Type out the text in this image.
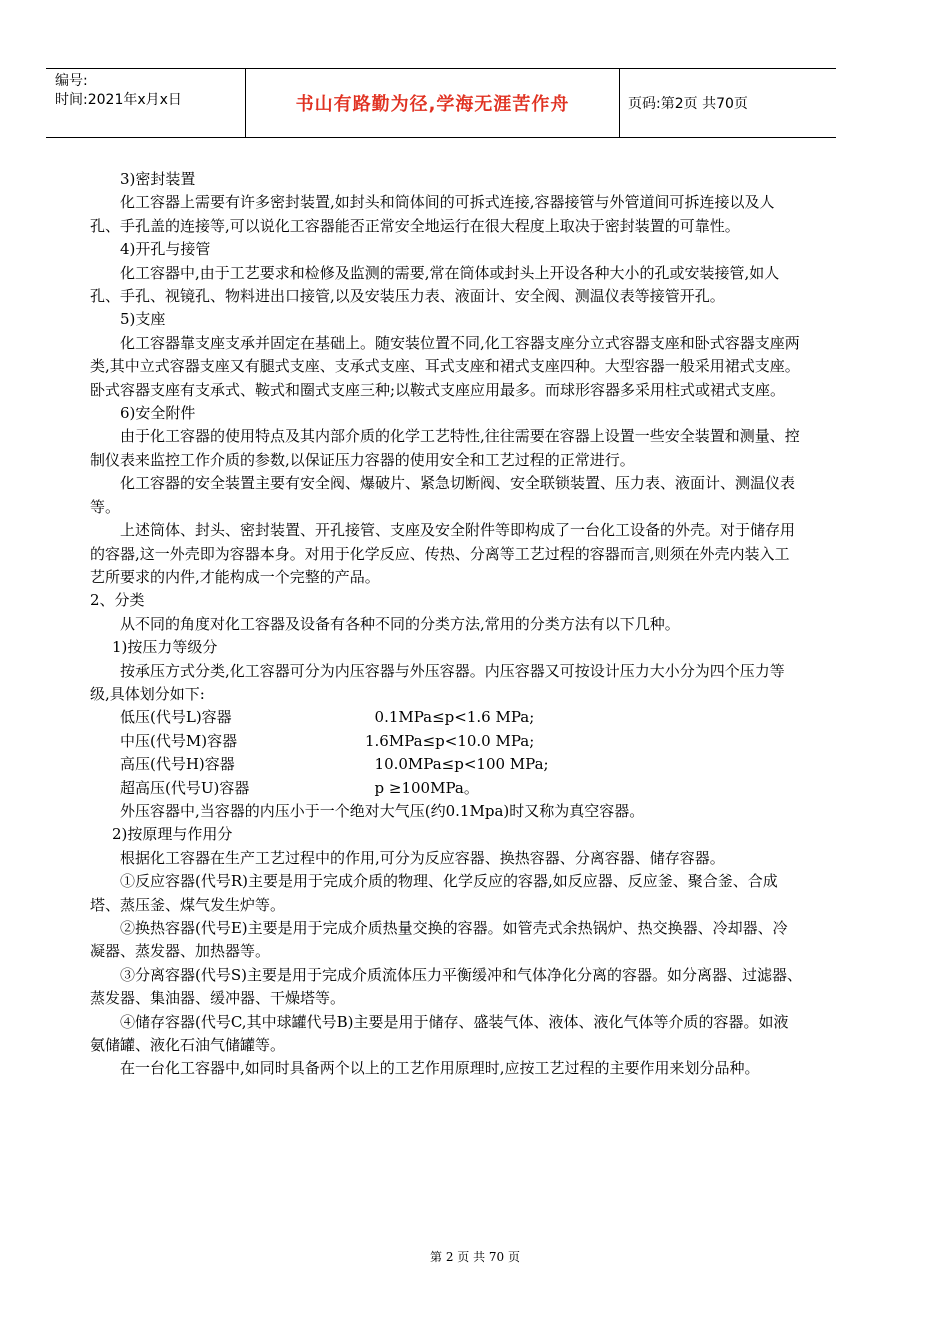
编号:
时间:2021年x月x日	书山有路勤为径,学海无涯苦作舟	页码:第2页 共70页

3)密封装置

化工容器上需要有许多密封装置,如封头和筒体间的可拆式连接,容器接管与外管道间可拆连接以及人孔、手孔盖的连接等,可以说化工容器能否正常安全地运行在很大程度上取决于密封装置的可靠性。

4)开孔与接管

化工容器中,由于工艺要求和检修及监测的需要,常在筒体或封头上开设各种大小的孔或安装接管,如人孔、手孔、视镜孔、物料进出口接管,以及安装压力表、液面计、安全阀、测温仪表等接管开孔。

5)支座

化工容器靠支座支承并固定在基础上。随安装位置不同,化工容器支座分立式容器支座和卧式容器支座两类,其中立式容器支座又有腿式支座、支承式支座、耳式支座和裙式支座四种。大型容器一般采用裙式支座。卧式容器支座有支承式、鞍式和圈式支座三种;以鞍式支座应用最多。而球形容器多采用柱式或裙式支座。

6)安全附件

由于化工容器的使用特点及其内部介质的化学工艺特性,往往需要在容器上设置一些安全装置和测量、控制仪表来监控工作介质的参数,以保证压力容器的使用安全和工艺过程的正常进行。

化工容器的安全装置主要有安全阀、爆破片、紧急切断阀、安全联锁装置、压力表、液面计、测温仪表等。

上述筒体、封头、密封装置、开孔接管、支座及安全附件等即构成了一台化工设备的外壳。对于储存用的容器,这一外壳即为容器本身。对用于化学反应、传热、分离等工艺过程的容器而言,则须在外壳内装入工艺所要求的内件,才能构成一个完整的产品。

2、分类

从不同的角度对化工容器及设备有各种不同的分类方法,常用的分类方法有以下几种。

1)按压力等级分

按承压方式分类,化工容器可分为内压容器与外压容器。内压容器又可按设计压力大小分为四个压力等级,具体划分如下:

低压(代号L)容器	0.1MPa≤p<1.6 MPa;
中压(代号M)容器	1.6MPa≤p<10.0 MPa;
高压(代号H)容器	10.0MPa≤p<100 MPa;
超高压(代号U)容器	p ≥100MPa。

外压容器中,当容器的内压小于一个绝对大气压(约0.1Mpa)时又称为真空容器。

2)按原理与作用分

根据化工容器在生产工艺过程中的作用,可分为反应容器、换热容器、分离容器、储存容器。

①反应容器(代号R)主要是用于完成介质的物理、化学反应的容器,如反应器、反应釜、聚合釜、合成塔、蒸压釜、煤气发生炉等。

②换热容器(代号E)主要是用于完成介质热量交换的容器。如管壳式余热锅炉、热交换器、冷却器、冷凝器、蒸发器、加热器等。

③分离容器(代号S)主要是用于完成介质流体压力平衡缓冲和气体净化分离的容器。如分离器、过滤器、蒸发器、集油器、缓冲器、干燥塔等。

④储存容器(代号C,其中球罐代号B)主要是用于储存、盛装气体、液体、液化气体等介质的容器。如液氨储罐、液化石油气储罐等。

在一台化工容器中,如同时具备两个以上的工艺作用原理时,应按工艺过程的主要作用来划分品种。

第 2 页 共 70 页
